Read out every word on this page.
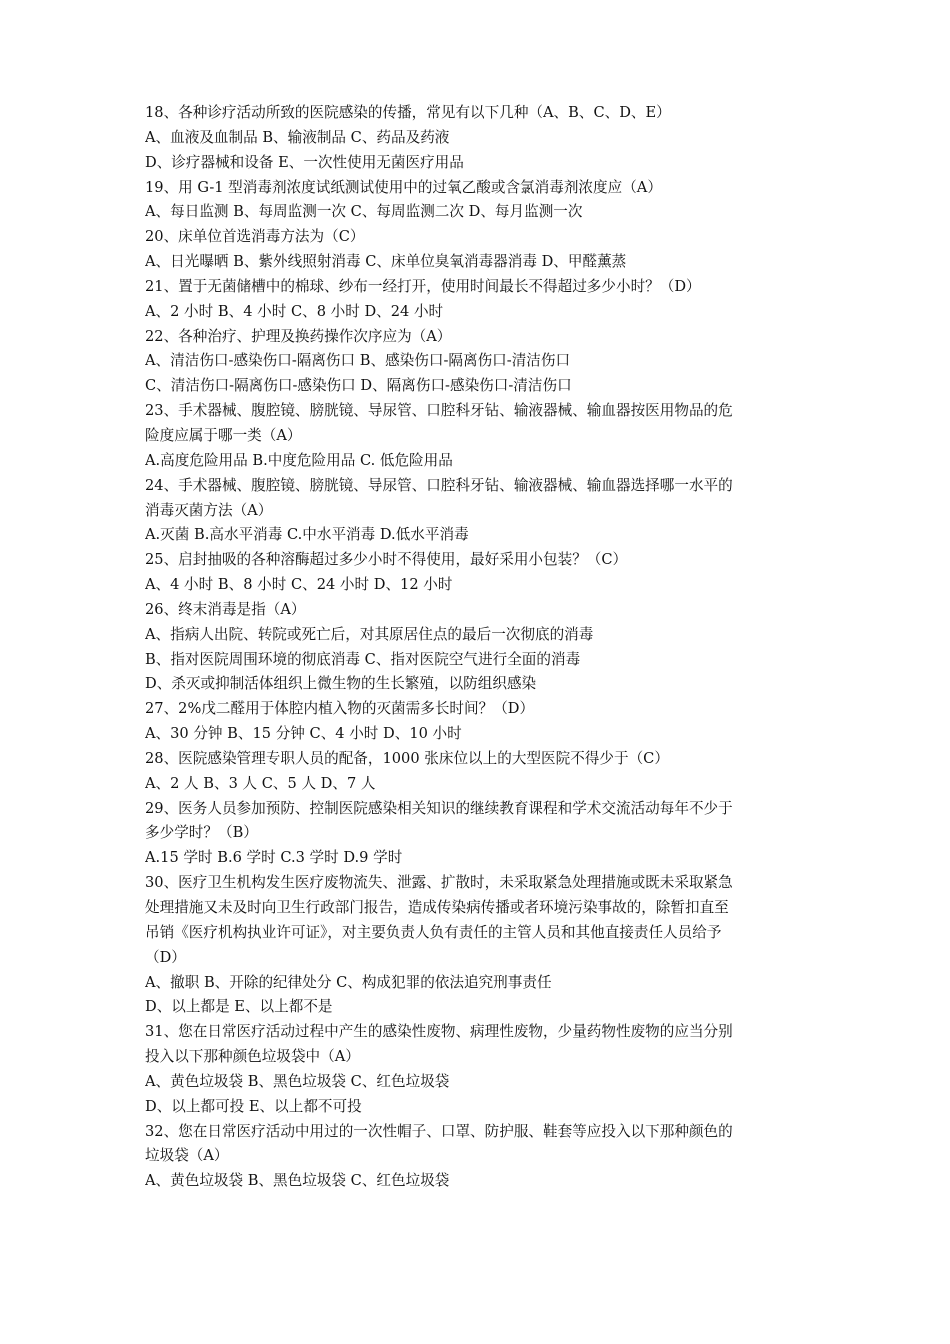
18、各种诊疗活动所致的医院感染的传播，常见有以下几种（A、B、C、D、E）
A、血液及血制品 B、输液制品 C、药品及药液
D、诊疗器械和设备 E、一次性使用无菌医疗用品
19、用 G-1 型消毒剂浓度试纸测试使用中的过氧乙酸或含氯消毒剂浓度应（A）
A、每日监测 B、每周监测一次 C、每周监测二次 D、每月监测一次
20、床单位首选消毒方法为（C）
A、日光曝晒 B、紫外线照射消毒 C、床单位臭氧消毒器消毒 D、甲醛薰蒸
21、置于无菌储槽中的棉球、纱布一经打开，使用时间最长不得超过多少小时？（D）
A、2 小时 B、4 小时 C、8 小时 D、24 小时
22、各种治疗、护理及换药操作次序应为（A）
A、清洁伤口-感染伤口-隔离伤口 B、感染伤口-隔离伤口-清洁伤口
C、清洁伤口-隔离伤口-感染伤口 D、隔离伤口-感染伤口-清洁伤口
23、手术器械、腹腔镜、膀胱镜、导尿管、口腔科牙钻、输液器械、输血器按医用物品的危
险度应属于哪一类（A）
A.高度危险用品 B.中度危险用品 C. 低危险用品
24、手术器械、腹腔镜、膀胱镜、导尿管、口腔科牙钻、输液器械、输血器选择哪一水平的
消毒灭菌方法（A）
A.灭菌 B.高水平消毒 C.中水平消毒 D.低水平消毒
25、启封抽吸的各种溶酶超过多少小时不得使用，最好采用小包装？（C）
A、4 小时 B、8 小时 C、24 小时 D、12 小时
26、终末消毒是指（A）
A、指病人出院、转院或死亡后，对其原居住点的最后一次彻底的消毒
B、指对医院周围环境的彻底消毒 C、指对医院空气进行全面的消毒
D、杀灭或抑制活体组织上微生物的生长繁殖，以防组织感染
27、2%戊二醛用于体腔内植入物的灭菌需多长时间？（D）
A、30 分钟 B、15 分钟 C、4 小时 D、10 小时
28、医院感染管理专职人员的配备，1000 张床位以上的大型医院不得少于（C）
A、2 人 B、3 人 C、5 人 D、7 人
29、医务人员参加预防、控制医院感染相关知识的继续教育课程和学术交流活动每年不少于
多少学时？（B）
A.15 学时 B.6 学时 C.3 学时 D.9 学时
30、医疗卫生机构发生医疗废物流失、泄露、扩散时，未采取紧急处理措施或既未采取紧急
处理措施又未及时向卫生行政部门报告，造成传染病传播或者环境污染事故的，除暂扣直至
吊销《医疗机构执业许可证》，对主要负责人负有责任的主管人员和其他直接责任人员给予
（D）
A、撤职 B、开除的纪律处分 C、构成犯罪的依法追究刑事责任
D、以上都是 E、以上都不是
31、您在日常医疗活动过程中产生的感染性废物、病理性废物，少量药物性废物的应当分别
投入以下那种颜色垃圾袋中（A）
A、黄色垃圾袋 B、黑色垃圾袋 C、红色垃圾袋
D、以上都可投 E、以上都不可投
32、您在日常医疗活动中用过的一次性帽子、口罩、防护服、鞋套等应投入以下那种颜色的
垃圾袋（A）
A、黄色垃圾袋 B、黑色垃圾袋 C、红色垃圾袋
